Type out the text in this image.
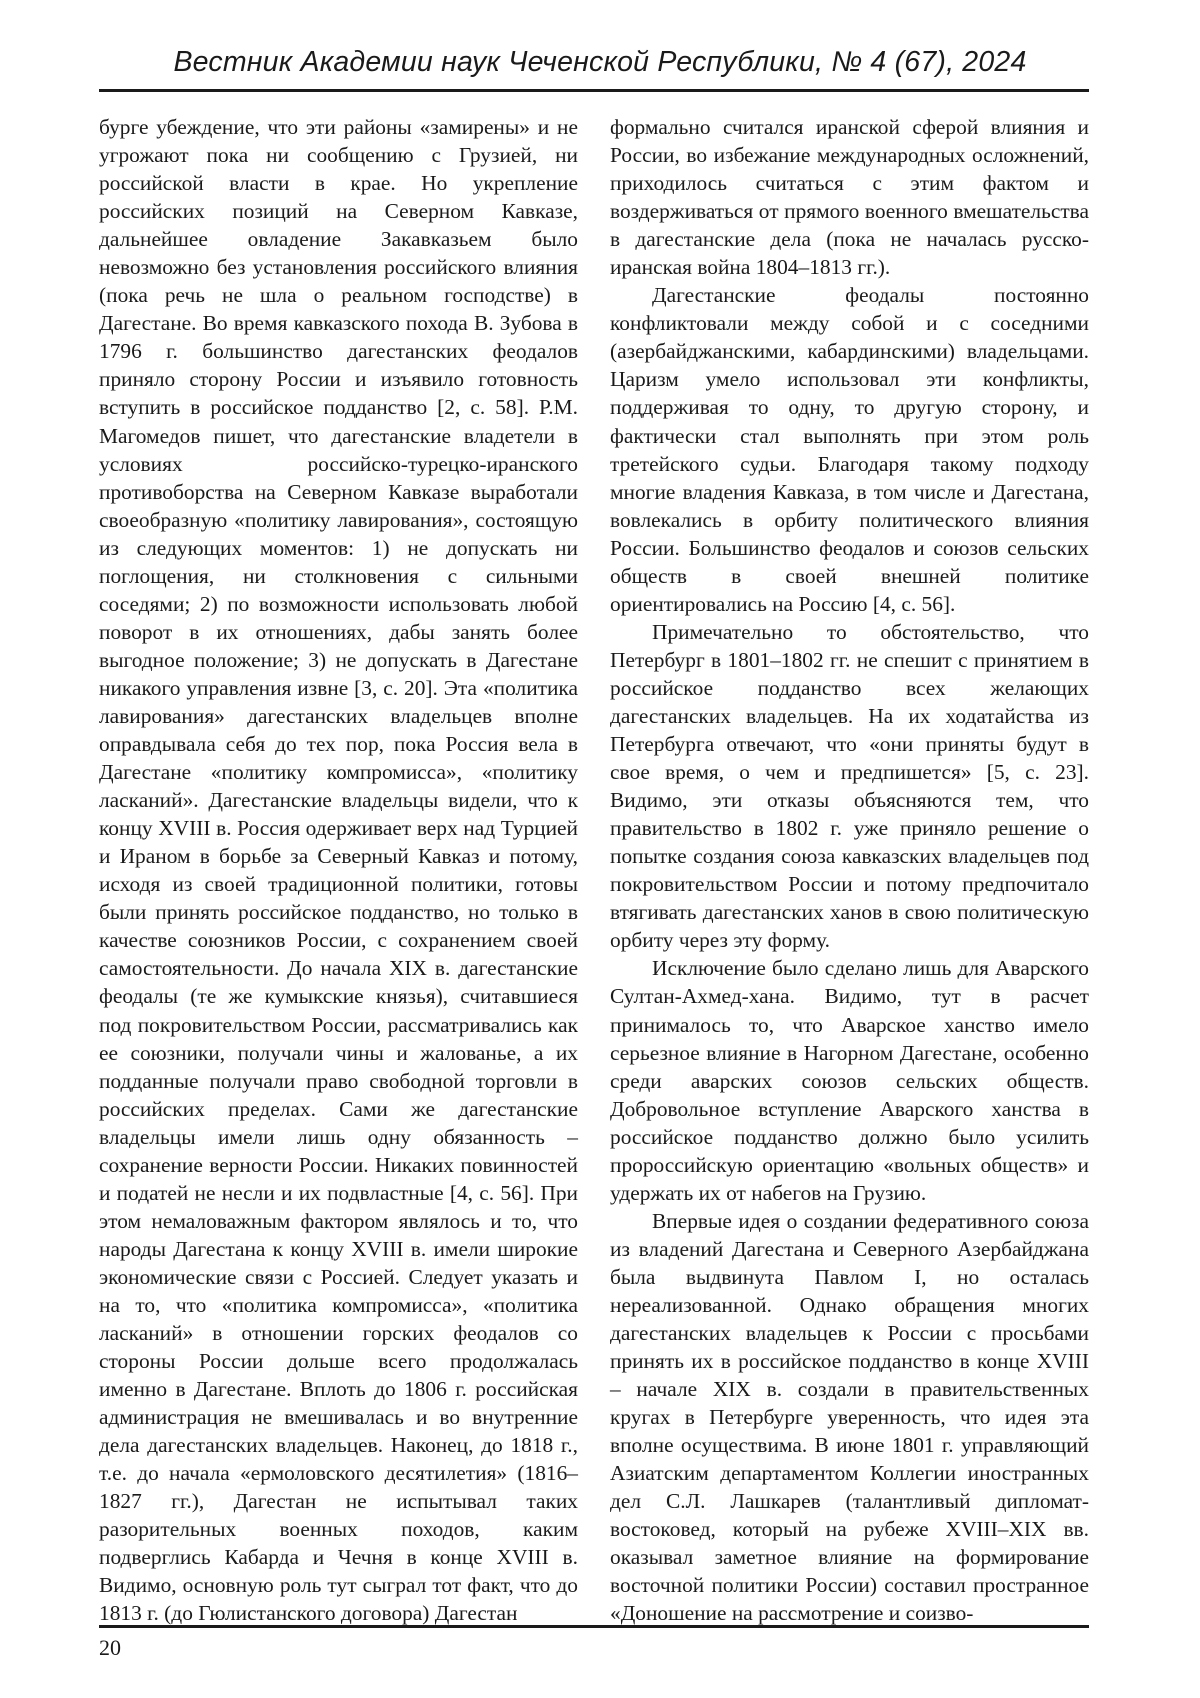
Вестник Академии наук Чеченской Республики, № 4 (67), 2024

бурге убеждение, что эти районы «замирены» и не угрожают пока ни сообщению с Грузией, ни российской власти в крае. Но укрепление российских позиций на Северном Кавказе, дальнейшее овладение Закавказьем было невозможно без установления российского влияния (пока речь не шла о реальном господстве) в Дагестане. Во время кавказского похода В. Зубова в 1796 г. большинство дагестанских феодалов приняло сторону России и изъявило готовность вступить в российское подданство [2, с. 58]. Р.М. Магомедов пишет, что дагестанские владетели в условиях российско-турецко-иранского противоборства на Северном Кавказе выработали своеобразную «политику лавирования», состоящую из следующих моментов: 1) не допускать ни поглощения, ни столкновения с сильными соседями; 2) по возможности использовать любой поворот в их отношениях, дабы занять более выгодное положение; 3) не допускать в Дагестане никакого управления извне [3, с. 20]. Эта «политика лавирования» дагестанских владельцев вполне оправдывала себя до тех пор, пока Россия вела в Дагестане «политику компромисса», «политику ласканий». Дагестанские владельцы видели, что к концу XVIII в. Россия одерживает верх над Турцией и Ираном в борьбе за Северный Кавказ и потому, исходя из своей традиционной политики, готовы были принять российское подданство, но только в качестве союзников России, с сохранением своей самостоятельности. До начала XIX в. дагестанские феодалы (те же кумыкские князья), считавшиеся под покровительством России, рассматривались как ее союзники, получали чины и жалованье, а их подданные получали право свободной торговли в российских пределах. Сами же дагестанские владельцы имели лишь одну обязанность – сохранение верности России. Никаких повинностей и податей не несли и их подвластные [4, с. 56]. При этом немаловажным фактором являлось и то, что народы Дагестана к концу XVIII в. имели широкие экономические связи с Россией. Следует указать и на то, что «политика компромисса», «политика ласканий» в отношении горских феодалов со стороны России дольше всего продолжалась именно в Дагестане. Вплоть до 1806 г. российская администрация не вмешивалась и во внутренние дела дагестанских владельцев. Наконец, до 1818 г., т.е. до начала «ермоловского десятилетия» (1816–1827 гг.), Дагестан не испытывал таких разорительных военных походов, каким подверглись Кабарда и Чечня в конце XVIII в. Видимо, основную роль тут сыграл тот факт, что до 1813 г. (до Гюлистанского договора) Дагестан

формально считался иранской сферой влияния и России, во избежание международных осложнений, приходилось считаться с этим фактом и воздерживаться от прямого военного вмешательства в дагестанские дела (пока не началась русско-иранская война 1804–1813 гг.).

Дагестанские феодалы постоянно конфликтовали между собой и с соседними (азербайджанскими, кабардинскими) владельцами. Царизм умело использовал эти конфликты, поддерживая то одну, то другую сторону, и фактически стал выполнять при этом роль третейского судьи. Благодаря такому подходу многие владения Кавказа, в том числе и Дагестана, вовлекались в орбиту политического влияния России. Большинство феодалов и союзов сельских обществ в своей внешней политике ориентировались на Россию [4, с. 56].

Примечательно то обстоятельство, что Петербург в 1801–1802 гг. не спешит с принятием в российское подданство всех желающих дагестанских владельцев. На их ходатайства из Петербурга отвечают, что «они приняты будут в свое время, о чем и предпишется» [5, с. 23]. Видимо, эти отказы объясняются тем, что правительство в 1802 г. уже приняло решение о попытке создания союза кавказских владельцев под покровительством России и потому предпочитало втягивать дагестанских ханов в свою политическую орбиту через эту форму.

Исключение было сделано лишь для Аварского Султан-Ахмед-хана. Видимо, тут в расчет принималось то, что Аварское ханство имело серьезное влияние в Нагорном Дагестане, особенно среди аварских союзов сельских обществ. Добровольное вступление Аварского ханства в российское подданство должно было усилить пророссийскую ориентацию «вольных обществ» и удержать их от набегов на Грузию.

Впервые идея о создании федеративного союза из владений Дагестана и Северного Азербайджана была выдвинута Павлом I, но осталась нереализованной. Однако обращения многих дагестанских владельцев к России с просьбами принять их в российское подданство в конце XVIII – начале XIX в. создали в правительственных кругах в Петербурге уверенность, что идея эта вполне осуществима. В июне 1801 г. управляющий Азиатским департаментом Коллегии иностранных дел С.Л. Лашкарев (талантливый дипломат-востоковед, который на рубеже XVIII–XIX вв. оказывал заметное влияние на формирование восточной политики России) составил пространное «Доношение на рассмотрение и соизво-

20
